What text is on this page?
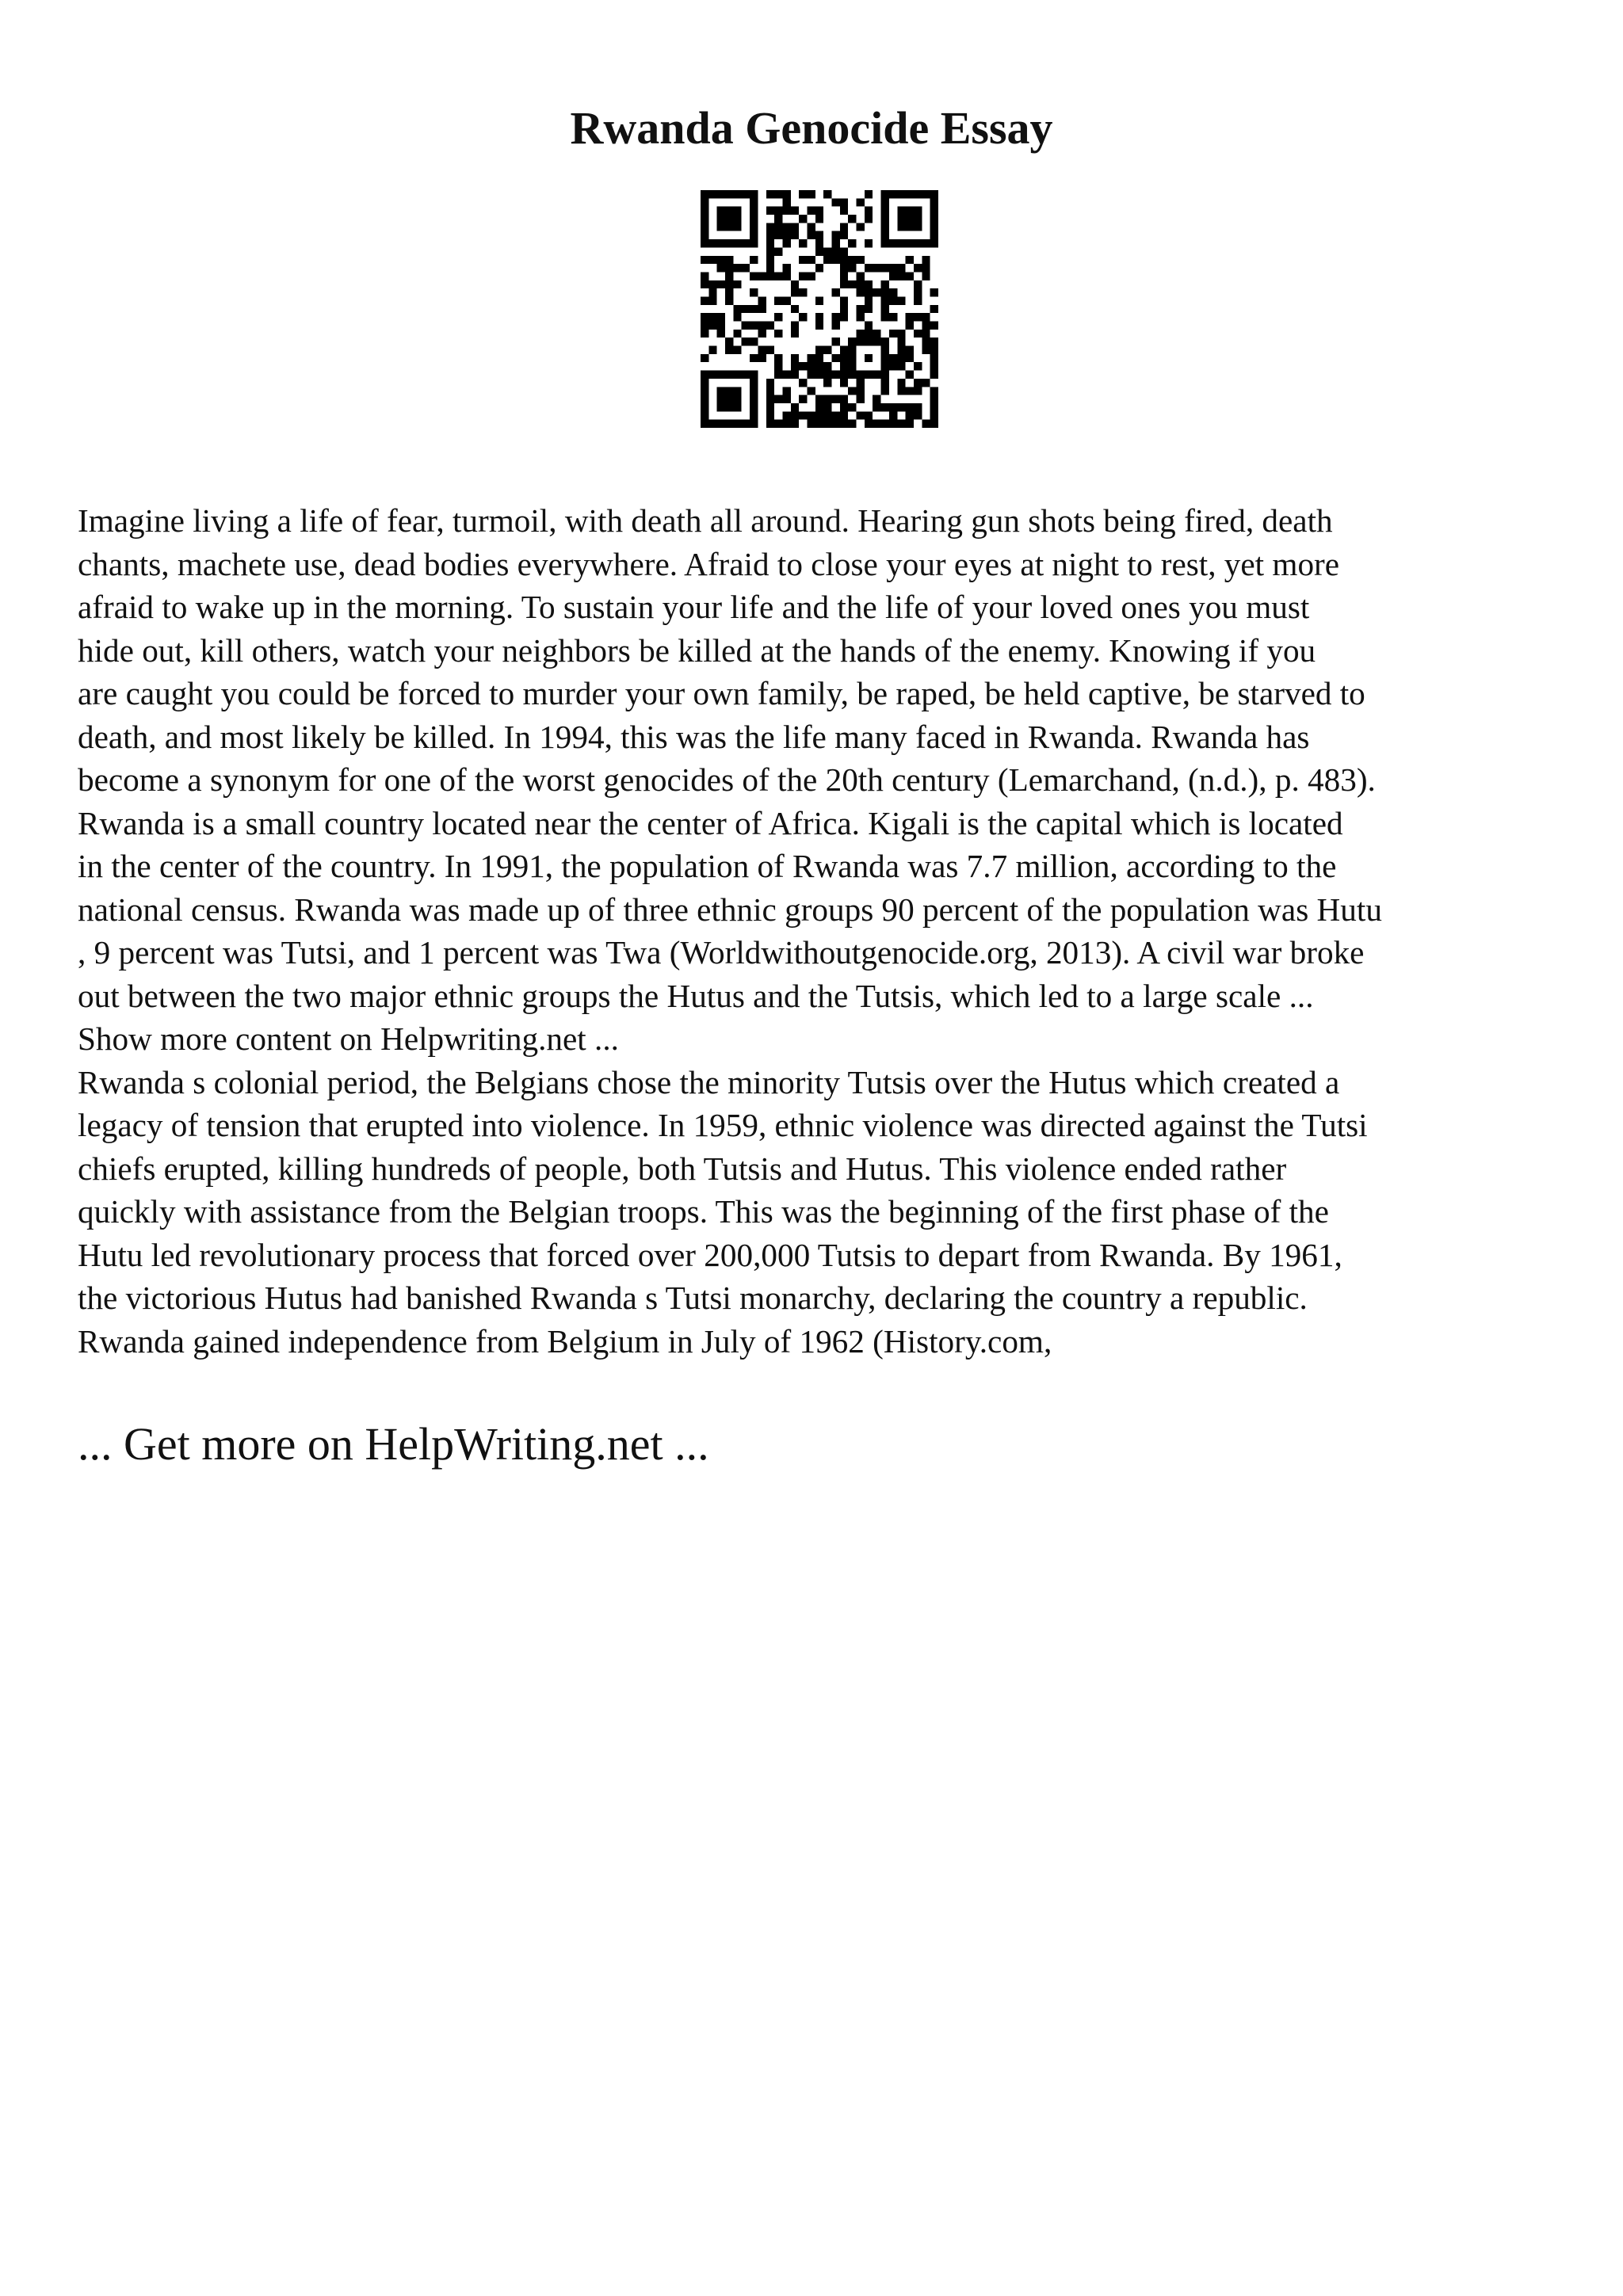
Rwanda Genocide Essay
Imagine living a life of fear, turmoil, with death all around. Hearing gun shots being fired, death
chants, machete use, dead bodies everywhere. Afraid to close your eyes at night to rest, yet more
afraid to wake up in the morning. To sustain your life and the life of your loved ones you must
hide out, kill others, watch your neighbors be killed at the hands of the enemy. Knowing if you
are caught you could be forced to murder your own family, be raped, be held captive, be starved to
death, and most likely be killed. In 1994, this was the life many faced in Rwanda. Rwanda has
become a synonym for one of the worst genocides of the 20th century (Lemarchand, (n.d.), p. 483).
Rwanda is a small country located near the center of Africa. Kigali is the capital which is located
in the center of the country. In 1991, the population of Rwanda was 7.7 million, according to the
national census. Rwanda was made up of three ethnic groups 90 percent of the population was Hutu
, 9 percent was Tutsi, and 1 percent was Twa (Worldwithoutgenocide.org, 2013). A civil war broke
out between the two major ethnic groups the Hutus and the Tutsis, which led to a large scale ...
Show more content on Helpwriting.net ...
Rwanda s colonial period, the Belgians chose the minority Tutsis over the Hutus which created a
legacy of tension that erupted into violence. In 1959, ethnic violence was directed against the Tutsi
chiefs erupted, killing hundreds of people, both Tutsis and Hutus. This violence ended rather
quickly with assistance from the Belgian troops. This was the beginning of the first phase of the
Hutu led revolutionary process that forced over 200,000 Tutsis to depart from Rwanda. By 1961,
the victorious Hutus had banished Rwanda s Tutsi monarchy, declaring the country a republic.
Rwanda gained independence from Belgium in July of 1962 (History.com,
... Get more on HelpWriting.net ...
